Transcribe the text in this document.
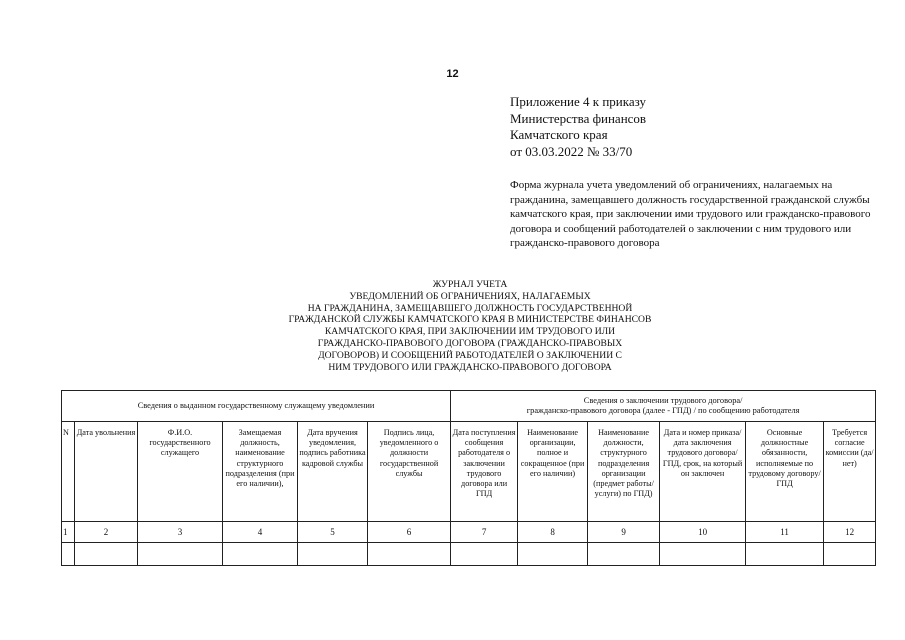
12
Приложение 4 к приказу
Министерства финансов
Камчатского края
от 03.03.2022 № 33/70
Форма журнала учета уведомлений об ограничениях, налагаемых на гражданина, замещавшего должность государственной гражданской службы камчатского края, при заключении ими трудового или гражданско-правового договора и сообщений работодателей о заключении с ним трудового или гражданско-правового договора
ЖУРНАЛ УЧЕТА
УВЕДОМЛЕНИЙ ОБ ОГРАНИЧЕНИЯХ, НАЛАГАЕМЫХ
НА ГРАЖДАНИНА, ЗАМЕЩАВШЕГО ДОЛЖНОСТЬ ГОСУДАРСТВЕННОЙ
ГРАЖДАНСКОЙ СЛУЖБЫ КАМЧАТСКОГО КРАЯ В МИНИСТЕРСТВЕ ФИНАНСОВ
КАМЧАТСКОГО КРАЯ, ПРИ ЗАКЛЮЧЕНИИ ИМ ТРУДОВОГО ИЛИ
ГРАЖДАНСКО-ПРАВОВОГО ДОГОВОРА (ГРАЖДАНСКО-ПРАВОВЫХ
ДОГОВОРОВ) И СООБЩЕНИЙ РАБОТОДАТЕЛЕЙ О ЗАКЛЮЧЕНИИ С
НИМ ТРУДОВОГО ИЛИ ГРАЖДАНСКО-ПРАВОВОГО ДОГОВОРА
Сведения о выданном государственному служащему уведомлении						Сведения о заключении трудового договора/
гражданско-правового договора (далее - ГПД) / по сообщению работодателя					

N	Дата увольнения	Ф.И.О. государственного служащего	Замещаемая должность, наименование структурного подразделения (при его наличии),	Дата вручения уведомления, подпись работника кадровой службы	Подпись лица, уведомленного о должности государственной службы	Дата поступления сообщения работодателя о заключении трудового договора или ГПД	Наименование организации, полное и сокращенное (при его наличии)	Наименование должности, структурного подразделения организации (предмет работы/ услуги) по ГПД)	Дата и номер приказа/ дата заключения трудового договора/ ГПД, срок, на который он заключен	Основные должностные обязанности, исполняемые по трудовому договору/ ГПД	Требуется согласие комиссии (да/ нет)
1	2	3	4	5	6	7	8	9	10	11	12
